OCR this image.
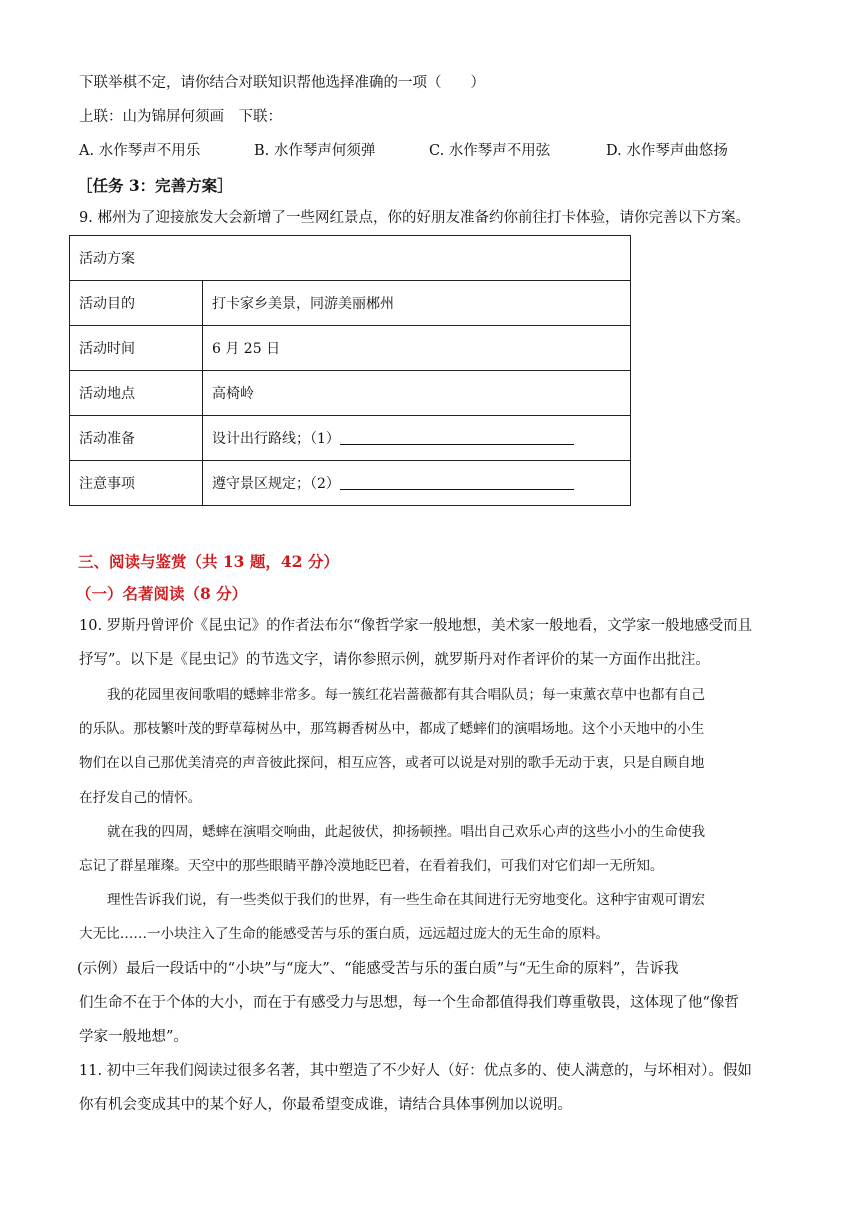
下联举棋不定，请你结合对联知识帮他选择准确的一项（　　）
上联：山为锦屏何须画　下联：
A. 水作琴声不用乐	B. 水作琴声何须弹	C. 水作琴声不用弦	D. 水作琴声曲悠扬
［任务 3：完善方案］
9. 郴州为了迎接旅发大会新增了一些网红景点，你的好朋友准备约你前往打卡体验，请你完善以下方案。
活动方案	
活动目的	打卡家乡美景，同游美丽郴州
活动时间	6 月 25 日
活动地点	高椅岭
活动准备	设计出行路线；（1）
注意事项	遵守景区规定；（2）
三、阅读与鉴赏（共 13 题，42 分）
（一）名著阅读（8 分）
10. 罗斯丹曾评价《昆虫记》的作者法布尔“像哲学家一般地想，美术家一般地看，文学家一般地感受而且
抒写”。以下是《昆虫记》的节选文字，请你参照示例，就罗斯丹对作者评价的某一方面作出批注。
我的花园里夜间歌唱的蟋蟀非常多。每一簇红花岩蔷薇都有其合唱队员；每一束薰衣草中也都有自己
的乐队。那枝繁叶茂的野草莓树丛中，那笃耨香树丛中，都成了蟋蟀们的演唱场地。这个小天地中的小生
物们在以自己那优美清亮的声音彼此探问，相互应答，或者可以说是对别的歌手无动于衷，只是自顾自地
在抒发自己的情怀。
就在我的四周，蟋蟀在演唱交响曲，此起彼伏，抑扬顿挫。唱出自己欢乐心声的这些小小的生命使我
忘记了群星璀璨。天空中的那些眼睛平静冷漠地眨巴着，在看着我们，可我们对它们却一无所知。
理性告诉我们说，有一些类似于我们的世界，有一些生命在其间进行无穷地变化。这种宇宙观可谓宏
大无比……一小块注入了生命的能感受苦与乐的蛋白质，远远超过庞大的无生命的原料。
(示例）最后一段话中的“小块”与“庞大”、“能感受苦与乐的蛋白质”与“无生命的原料”，告诉我
们生命不在于个体的大小，而在于有感受力与思想，每一个生命都值得我们尊重敬畏，这体现了他“像哲
学家一般地想”。
11. 初中三年我们阅读过很多名著，其中塑造了不少好人（好：优点多的、使人满意的，与坏相对）。假如
你有机会变成其中的某个好人，你最希望变成谁，请结合具体事例加以说明。
